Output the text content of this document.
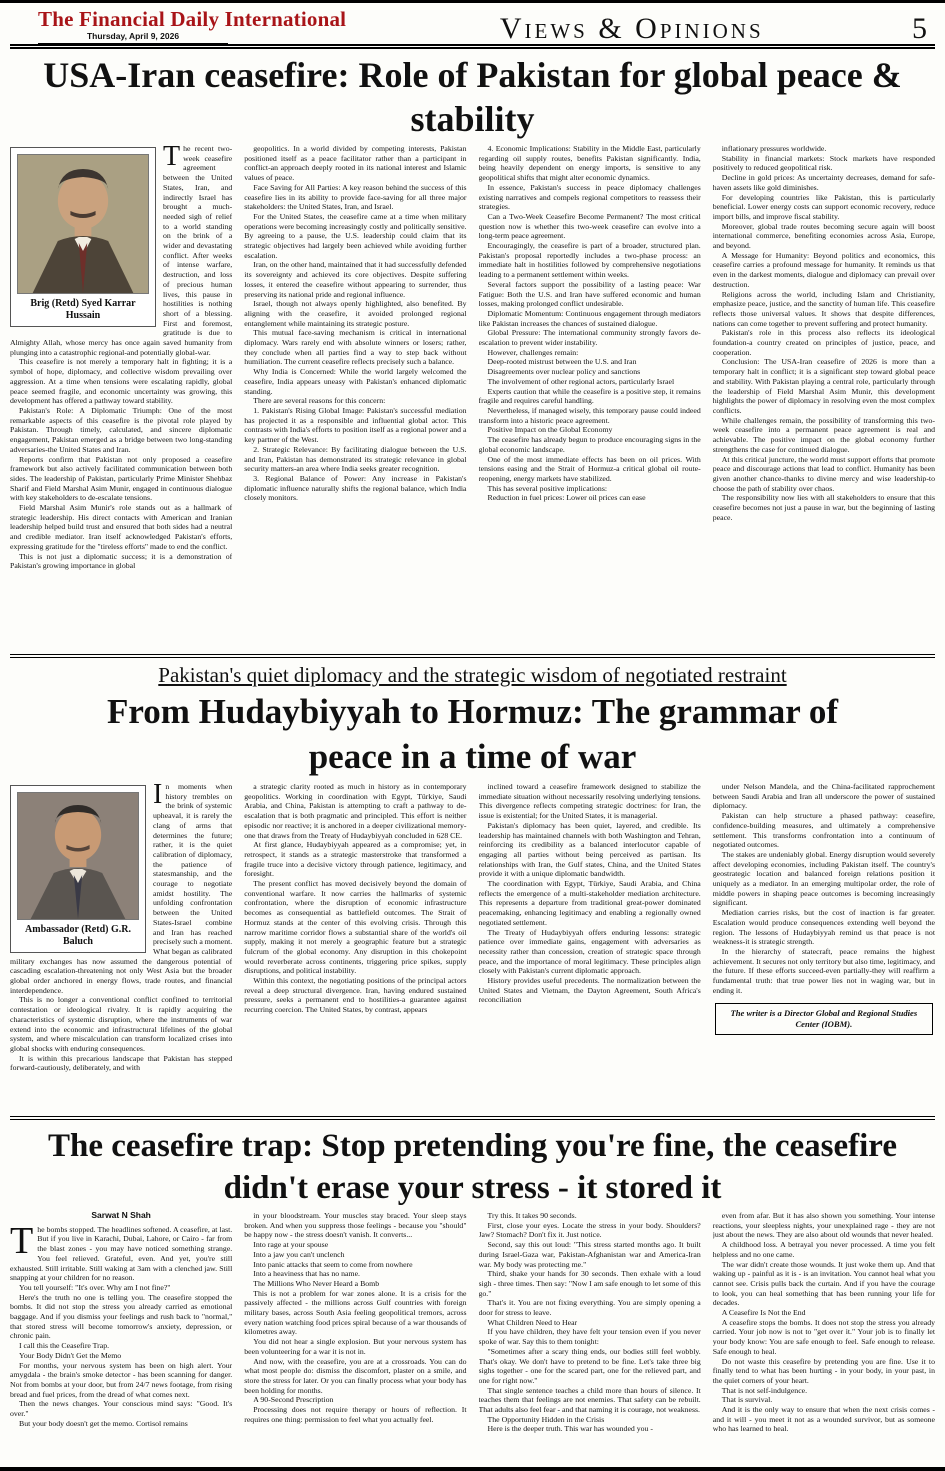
The Financial Daily International
Thursday, April 9, 2026	Views & Opinions	5
USA-Iran ceasefire: Role of Pakistan for global peace & stability
Brig (Retd) Syed Karrar Hussain

The recent two-week ceasefire agreement between the United States, Iran, and indirectly Israel has brought a much-needed sigh of relief to a world standing on the brink of a wider and devastating conflict. After weeks of intense warfare, destruction, and loss of precious human lives, this pause in hostilities is nothing short of a blessing. First and foremost, gratitude is due to Almighty Allah, whose mercy has once again saved humanity from plunging into a catastrophic regional-and potentially global-war.

This ceasefire is not merely a temporary halt in fighting; it is a symbol of hope, diplomacy, and collective wisdom prevailing over aggression. At a time when tensions were escalating rapidly, global peace seemed fragile, and economic uncertainty was growing, this development has offered a pathway toward stability.

Pakistan's Role: A Diplomatic Triumph: One of the most remarkable aspects of this ceasefire is the pivotal role played by Pakistan. Through timely, calculated, and sincere diplomatic engagement, Pakistan emerged as a bridge between two long-standing adversaries-the United States and Iran.

Reports confirm that Pakistan not only proposed a ceasefire framework but also actively facilitated communication between both sides. The leadership of Pakistan, particularly Prime Minister Shehbaz Sharif and Field Marshal Asim Munir, engaged in continuous dialogue with key stakeholders to de-escalate tensions.

Field Marshal Asim Munir's role stands out as a hallmark of strategic leadership. His direct contacts with American and Iranian leadership helped build trust and ensured that both sides had a neutral and credible mediator. Iran itself acknowledged Pakistan's efforts, expressing gratitude for the "tireless efforts" made to end the conflict.

This is not just a diplomatic success; it is a demonstration of Pakistan's growing importance in global

geopolitics. In a world divided by competing interests, Pakistan positioned itself as a peace facilitator rather than a participant in conflict-an approach deeply rooted in its national interest and Islamic values of peace.

Face Saving for All Parties: A key reason behind the success of this ceasefire lies in its ability to provide face-saving for all three major stakeholders: the United States, Iran, and Israel.

For the United States, the ceasefire came at a time when military operations were becoming increasingly costly and politically sensitive. By agreeing to a pause, the U.S. leadership could claim that its strategic objectives had largely been achieved while avoiding further escalation.

Iran, on the other hand, maintained that it had successfully defended its sovereignty and achieved its core objectives. Despite suffering losses, it entered the ceasefire without appearing to surrender, thus preserving its national pride and regional influence.

Israel, though not always openly highlighted, also benefited. By aligning with the ceasefire, it avoided prolonged regional entanglement while maintaining its strategic posture.

This mutual face-saving mechanism is critical in international diplomacy. Wars rarely end with absolute winners or losers; rather, they conclude when all parties find a way to step back without humiliation. The current ceasefire reflects precisely such a balance.

Why India is Concerned: While the world largely welcomed the ceasefire, India appears uneasy with Pakistan's enhanced diplomatic standing.

There are several reasons for this concern:

1. Pakistan's Rising Global Image: Pakistan's successful mediation has projected it as a responsible and influential global actor. This contrasts with India's efforts to position itself as a regional power and a key partner of the West.

2. Strategic Relevance: By facilitating dialogue between the U.S. and Iran, Pakistan has demonstrated its strategic relevance in global security matters-an area where India seeks greater recognition.

3. Regional Balance of Power: Any increase in Pakistan's diplomatic influence naturally shifts the regional balance, which India closely monitors.

4. Economic Implications: Stability in the Middle East, particularly regarding oil supply routes, benefits Pakistan significantly. India, being heavily dependent on energy imports, is sensitive to any geopolitical shifts that might alter economic dynamics.

In essence, Pakistan's success in peace diplomacy challenges existing narratives and compels regional competitors to reassess their strategies.

Can a Two-Week Ceasefire Become Permanent? The most critical question now is whether this two-week ceasefire can evolve into a long-term peace agreement.

Encouragingly, the ceasefire is part of a broader, structured plan. Pakistan's proposal reportedly includes a two-phase process: an immediate halt in hostilities followed by comprehensive negotiations leading to a permanent settlement within weeks.

Several factors support the possibility of a lasting peace: War Fatigue: Both the U.S. and Iran have suffered economic and human losses, making prolonged conflict undesirable.

Diplomatic Momentum: Continuous engagement through mediators like Pakistan increases the chances of sustained dialogue.

Global Pressure: The international community strongly favors de-escalation to prevent wider instability.

However, challenges remain:

Deep-rooted mistrust between the U.S. and Iran

Disagreements over nuclear policy and sanctions

The involvement of other regional actors, particularly Israel

Experts caution that while the ceasefire is a positive step, it remains fragile and requires careful handling.

Nevertheless, if managed wisely, this temporary pause could indeed transform into a historic peace agreement.

Positive Impact on the Global Economy

The ceasefire has already begun to produce encouraging signs in the global economic landscape.

One of the most immediate effects has been on oil prices. With tensions easing and the Strait of Hormuz-a critical global oil route-reopening, energy markets have stabilized.

This has several positive implications:

Reduction in fuel prices: Lower oil prices can ease

inflationary pressures worldwide.

Stability in financial markets: Stock markets have responded positively to reduced geopolitical risk.

Decline in gold prices: As uncertainty decreases, demand for safe-haven assets like gold diminishes.

For developing countries like Pakistan, this is particularly beneficial. Lower energy costs can support economic recovery, reduce import bills, and improve fiscal stability.

Moreover, global trade routes becoming secure again will boost international commerce, benefiting economies across Asia, Europe, and beyond.

A Message for Humanity: Beyond politics and economics, this ceasefire carries a profound message for humanity. It reminds us that even in the darkest moments, dialogue and diplomacy can prevail over destruction.

Religions across the world, including Islam and Christianity, emphasize peace, justice, and the sanctity of human life. This ceasefire reflects those universal values. It shows that despite differences, nations can come together to prevent suffering and protect humanity.

Pakistan's role in this process also reflects its ideological foundation-a country created on principles of justice, peace, and cooperation.

Conclusion: The USA-Iran ceasefire of 2026 is more than a temporary halt in conflict; it is a significant step toward global peace and stability. With Pakistan playing a central role, particularly through the leadership of Field Marshal Asim Munir, this development highlights the power of diplomacy in resolving even the most complex conflicts.

While challenges remain, the possibility of transforming this two-week ceasefire into a permanent peace agreement is real and achievable. The positive impact on the global economy further strengthens the case for continued dialogue.

At this critical juncture, the world must support efforts that promote peace and discourage actions that lead to conflict. Humanity has been given another chance-thanks to divine mercy and wise leadership-to choose the path of stability over chaos.

The responsibility now lies with all stakeholders to ensure that this ceasefire becomes not just a pause in war, but the beginning of lasting peace.

Pakistan's quiet diplomacy and the strategic wisdom of negotiated restraint
From Hudaybiyyah to Hormuz: The grammar of peace in a time of war
Ambassador (Retd) G.R. Baluch

In moments when history trembles on the brink of systemic upheaval, it is rarely the clang of arms that determines the future; rather, it is the quiet calibration of diplomacy, the patience of statesmanship, and the courage to negotiate amidst hostility. The unfolding confrontation between the United States-Israel combine and Iran has reached precisely such a moment. What began as calibrated military exchanges has now assumed the dangerous potential of cascading escalation-threatening not only West Asia but the broader global order anchored in energy flows, trade routes, and financial interdependence.

This is no longer a conventional conflict confined to territorial contestation or ideological rivalry. It is rapidly acquiring the characteristics of systemic disruption, where the instruments of war extend into the economic and infrastructural lifelines of the global system, and where miscalculation can transform localized crises into global shocks with enduring consequences.

It is within this precarious landscape that Pakistan has stepped forward-cautiously, deliberately, and with

a strategic clarity rooted as much in history as in contemporary geopolitics. Working in coordination with Egypt, Türkiye, Saudi Arabia, and China, Pakistan is attempting to craft a pathway to de-escalation that is both pragmatic and principled. This effort is neither episodic nor reactive; it is anchored in a deeper civilizational memory-one that draws from the Treaty of Hudaybiyyah concluded in 628 CE.

At first glance, Hudaybiyyah appeared as a compromise; yet, in retrospect, it stands as a strategic masterstroke that transformed a fragile truce into a decisive victory through patience, legitimacy, and foresight.

The present conflict has moved decisively beyond the domain of conventional warfare. It now carries the hallmarks of systemic confrontation, where the disruption of economic infrastructure becomes as consequential as battlefield outcomes. The Strait of Hormuz stands at the center of this evolving crisis. Through this narrow maritime corridor flows a substantial share of the world's oil supply, making it not merely a geographic feature but a strategic fulcrum of the global economy. Any disruption in this chokepoint would reverberate across continents, triggering price spikes, supply disruptions, and political instability.

Within this context, the negotiating positions of the principal actors reveal a deep structural divergence. Iran, having endured sustained pressure, seeks a permanent end to hostilities-a guarantee against recurring coercion. The United States, by contrast, appears

inclined toward a ceasefire framework designed to stabilize the immediate situation without necessarily resolving underlying tensions. This divergence reflects competing strategic doctrines: for Iran, the issue is existential; for the United States, it is managerial.

Pakistan's diplomacy has been quiet, layered, and credible. Its leadership has maintained channels with both Washington and Tehran, reinforcing its credibility as a balanced interlocutor capable of engaging all parties without being perceived as partisan. Its relationships with Iran, the Gulf states, China, and the United States provide it with a unique diplomatic bandwidth.

The coordination with Egypt, Türkiye, Saudi Arabia, and China reflects the emergence of a multi-stakeholder mediation architecture. This represents a departure from traditional great-power dominated peacemaking, enhancing legitimacy and enabling a regionally owned negotiated settlement.

The Treaty of Hudaybiyyah offers enduring lessons: strategic patience over immediate gains, engagement with adversaries as necessity rather than concession, creation of strategic space through peace, and the importance of moral legitimacy. These principles align closely with Pakistan's current diplomatic approach.

History provides useful precedents. The normalization between the United States and Vietnam, the Dayton Agreement, South Africa's reconciliation

under Nelson Mandela, and the China-facilitated rapprochement between Saudi Arabia and Iran all underscore the power of sustained diplomacy.

Pakistan can help structure a phased pathway: ceasefire, confidence-building measures, and ultimately a comprehensive settlement. This transforms confrontation into a continuum of negotiated outcomes.

The stakes are undeniably global. Energy disruption would severely affect developing economies, including Pakistan itself. The country's geostrategic location and balanced foreign relations position it uniquely as a mediator. In an emerging multipolar order, the role of middle powers in shaping peace outcomes is becoming increasingly significant.

Mediation carries risks, but the cost of inaction is far greater. Escalation would produce consequences extending well beyond the region. The lessons of Hudaybiyyah remind us that peace is not weakness-it is strategic strength.

In the hierarchy of statecraft, peace remains the highest achievement. It secures not only territory but also time, legitimacy, and the future. If these efforts succeed-even partially-they will reaffirm a fundamental truth: that true power lies not in waging war, but in ending it.

The writer is a Director Global and Regional Studies Center (IOBM).
The ceasefire trap: Stop pretending you're fine, the ceasefire didn't erase your stress - it stored it
Sarwat N Shah

The bombs stopped. The headlines softened. A ceasefire, at last. But if you live in Karachi, Dubai, Lahore, or Cairo - far from the blast zones - you may have noticed something strange. You feel relieved. Grateful, even. And yet, you're still exhausted. Still irritable. Still waking at 3am with a clenched jaw. Still snapping at your children for no reason.

You tell yourself: "It's over. Why am I not fine?"

Here's the truth no one is telling you. The ceasefire stopped the bombs. It did not stop the stress you already carried as emotional baggage. And if you dismiss your feelings and rush back to "normal," that stored stress will become tomorrow's anxiety, depression, or chronic pain.

I call this the Ceasefire Trap.

Your Body Didn't Get the Memo

For months, your nervous system has been on high alert. Your amygdala - the brain's smoke detector - has been scanning for danger. Not from bombs at your door, but from 24/7 news footage, from rising bread and fuel prices, from the dread of what comes next.

Then the news changes. Your conscious mind says: "Good. It's over."

But your body doesn't get the memo. Cortisol remains

in your bloodstream. Your muscles stay braced. Your sleep stays broken. And when you suppress those feelings - because you "should" be happy now - the stress doesn't vanish. It converts...

Into rage at your spouse

Into a jaw you can't unclench

Into panic attacks that seem to come from nowhere

Into a heaviness that has no name.

The Millions Who Never Heard a Bomb

This is not a problem for war zones alone. It is a crisis for the passively affected - the millions across Gulf countries with foreign military bases, across South Asia feeling geopolitical tremors, across every nation watching food prices spiral because of a war thousands of kilometres away.

You did not hear a single explosion. But your nervous system has been volunteering for a war it is not in.

And now, with the ceasefire, you are at a crossroads. You can do what most people do: dismiss the discomfort, plaster on a smile, and store the stress for later. Or you can finally process what your body has been holding for months.

A 90-Second Prescription

Processing does not require therapy or hours of reflection. It requires one thing: permission to feel what you actually feel.

Try this. It takes 90 seconds.

First, close your eyes. Locate the stress in your body. Shoulders? Jaw? Stomach? Don't fix it. Just notice.

Second, say this out loud: "This stress started months ago. It built during Israel-Gaza war, Pakistan-Afghanistan war and America-Iran war. My body was protecting me."

Third, shake your hands for 30 seconds. Then exhale with a loud sigh - three times. Then say: "Now I am safe enough to let some of this go."

That's it. You are not fixing everything. You are simply opening a door for stress to leave.

What Children Need to Hear

If you have children, they have felt your tension even if you never spoke of war. Say this to them tonight:

"Sometimes after a scary thing ends, our bodies still feel wobbly. That's okay. We don't have to pretend to be fine. Let's take three big sighs together - one for the scared part, one for the relieved part, and one for right now."

That single sentence teaches a child more than hours of silence. It teaches them that feelings are not enemies. That safety can be rebuilt. That adults also feel fear - and that naming it is courage, not weakness.

The Opportunity Hidden in the Crisis

Here is the deeper truth. This war has wounded you -

even from afar. But it has also shown you something. Your intense reactions, your sleepless nights, your unexplained rage - they are not just about the news. They are also about old wounds that never healed.

A childhood loss. A betrayal you never processed. A time you felt helpless and no one came.

The war didn't create those wounds. It just woke them up. And that waking up - painful as it is - is an invitation. You cannot heal what you cannot see. Crisis pulls back the curtain. And if you have the courage to look, you can heal something that has been running your life for decades.

A Ceasefire Is Not the End

A ceasefire stops the bombs. It does not stop the stress you already carried. Your job now is not to "get over it." Your job is to finally let your body know: You are safe enough to feel. Safe enough to release. Safe enough to heal.

Do not waste this ceasefire by pretending you are fine. Use it to finally tend to what has been hurting - in your body, in your past, in the quiet corners of your heart.

That is not self-indulgence.

That is survival.

And it is the only way to ensure that when the next crisis comes - and it will - you meet it not as a wounded survivor, but as someone who has learned to heal.
